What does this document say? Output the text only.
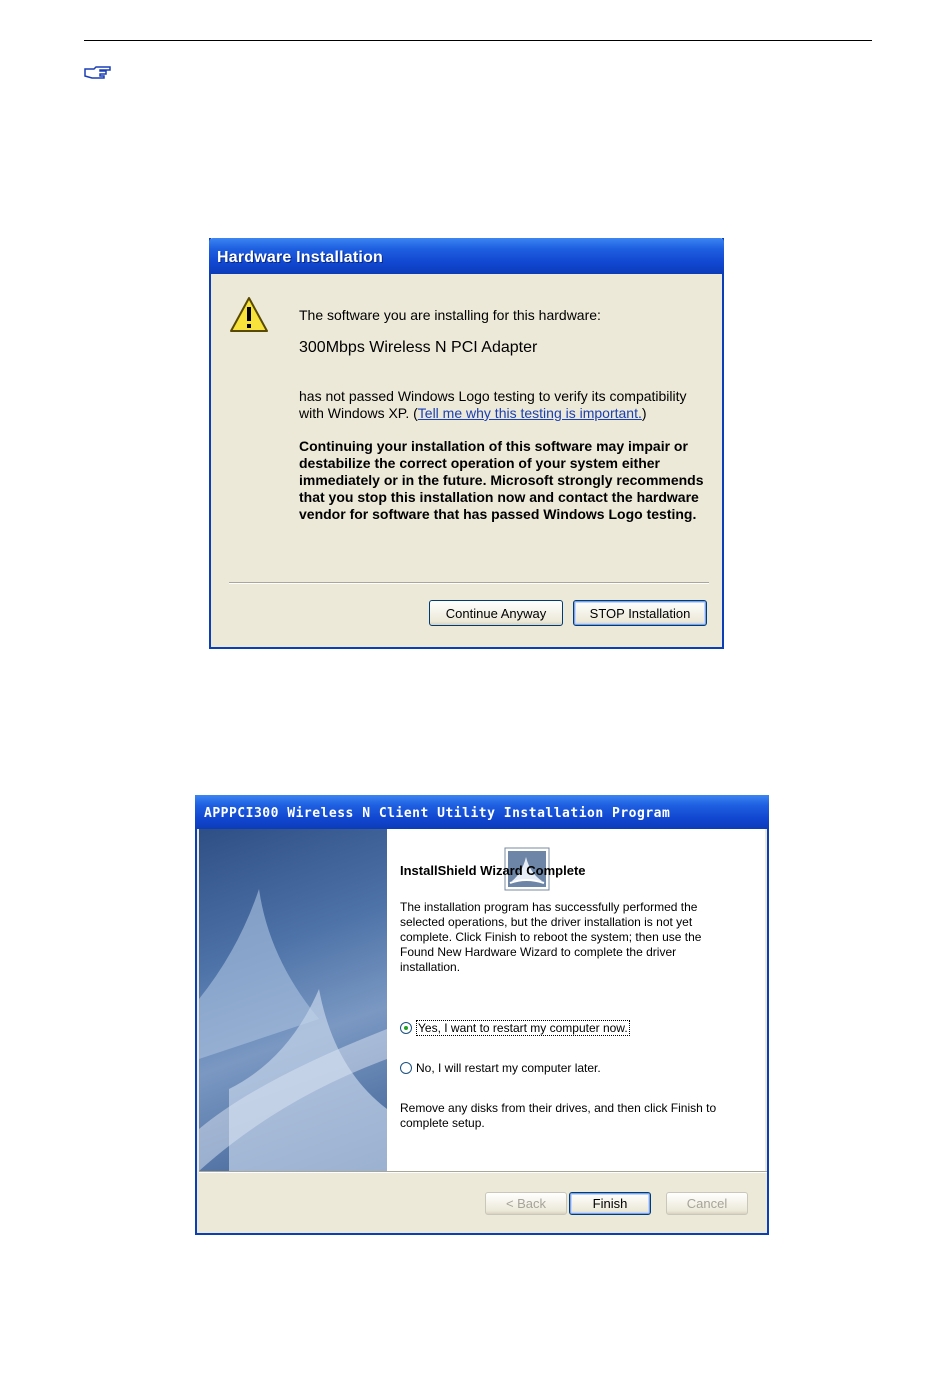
Hardware Installation
The software you are installing for this hardware:
300Mbps Wireless N PCI Adapter
has not passed Windows Logo testing to verify its compatibility with Windows XP. (Tell me why this testing is important.)
Continuing your installation of this software may impair or destabilize the correct operation of your system either immediately or in the future. Microsoft strongly recommends that you stop this installation now and contact the hardware vendor for software that has passed Windows Logo testing.
Continue Anyway	STOP Installation
APPPCI300 Wireless N Client Utility Installation Program
InstallShield Wizard Complete
The installation program has successfully performed the selected operations, but the driver installation is not yet complete. Click Finish to reboot the system; then use the Found New Hardware Wizard to complete the driver installation.
Yes, I want to restart my computer now.
No, I will restart my computer later.
Remove any disks from their drives, and then click Finish to complete setup.
< Back	Finish	Cancel
